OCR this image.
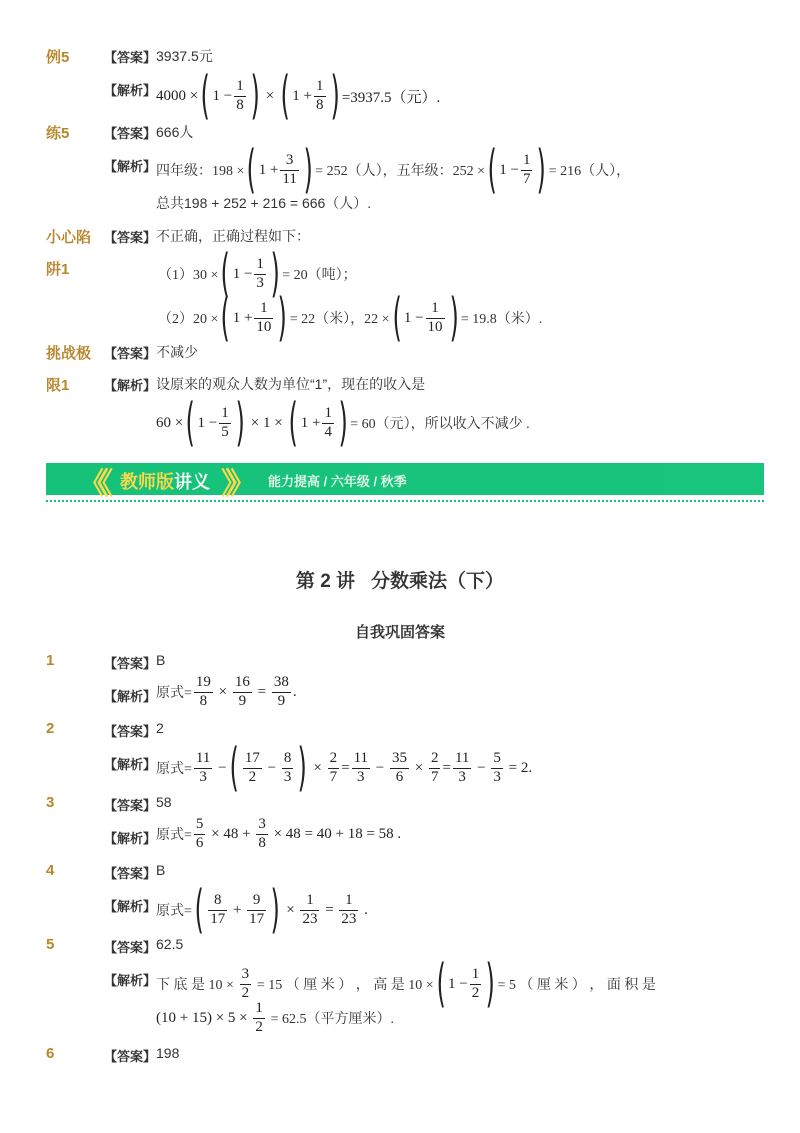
例5	【答案】 3937.5元
【解析】 4000 × ( 1
− $\frac{1}{8}$ )
×
( 1
+ $\frac{1}{8}$ ) =3937.5（元）.
练5	【答案】 666人
【解析】 四年级：198 × ( 1
+ $\frac{3}{11}$ ) = 252（人），五年级：252 × ( 1
− $\frac{1}{7}$ ) = 216（人），
总共198 + 252 + 216 = 666（人）.
小心陷
阱1
【答案】 不正确，正确过程如下：
（1）30 × ( 1
− $\frac{1}{3}$ ) = 20（吨）；
（2）20 × ( 1
+ $\frac{1}{10}$ ) = 22（米），22 × ( 1
− $\frac{1}{10}$ ) = 19.8（米）.
挑战极
限1
【答案】 不减少
【解析】 设原来的观众人数为单位“1”，现在的收入是
60 × ( 1
− $\frac{1}{5}$ )
× 1 ×
( 1
+ $\frac{1}{4}$ ) = 60（元），所以收入不减少 .
《《 教师版讲义 》》 能力提高 / 六年级 / 秋季
第 2 讲 分数乘法（下）
自我巩固答案
1	【答案】 B
【解析】 原式= $\frac{19}{8}$
×
$\frac{16}{9}$
=
$\frac{38}{9}$ .
2	【答案】 2
【解析】 原式= $\frac{11}{3}$
− ( $\frac{17}{2}$
−
$\frac{8}{3}$ )
×
$\frac{2}{7} = \frac{11}{3}$
−
$\frac{35}{6}$
×
$\frac{2}{7} = \frac{11}{3}$
−
$\frac{5}{3}$
= 2.
3	【答案】 58
【解析】 原式= $\frac{5}{6}$
× 48 +
$\frac{3}{8}$
× 48 = 40 + 18 = 58 .
4	【答案】 B
【解析】 原式= ( $\frac{8}{17}$
+
$\frac{9}{17}$ )
×
$\frac{1}{23}$
=
$\frac{1}{23}$
.
5	【答案】 62.5
【解析】 下 底 是 10 ×
$\frac{3}{2}$
= 15 （ 厘 米 ） ， 高 是 10 × ( 1
− $\frac{1}{2}$ ) = 5 （ 厘 米 ） ， 面 积 是
(10 + 15) × 5 ×
$\frac{1}{2}$
= 62.5（平方厘米）.
6	【答案】 198
